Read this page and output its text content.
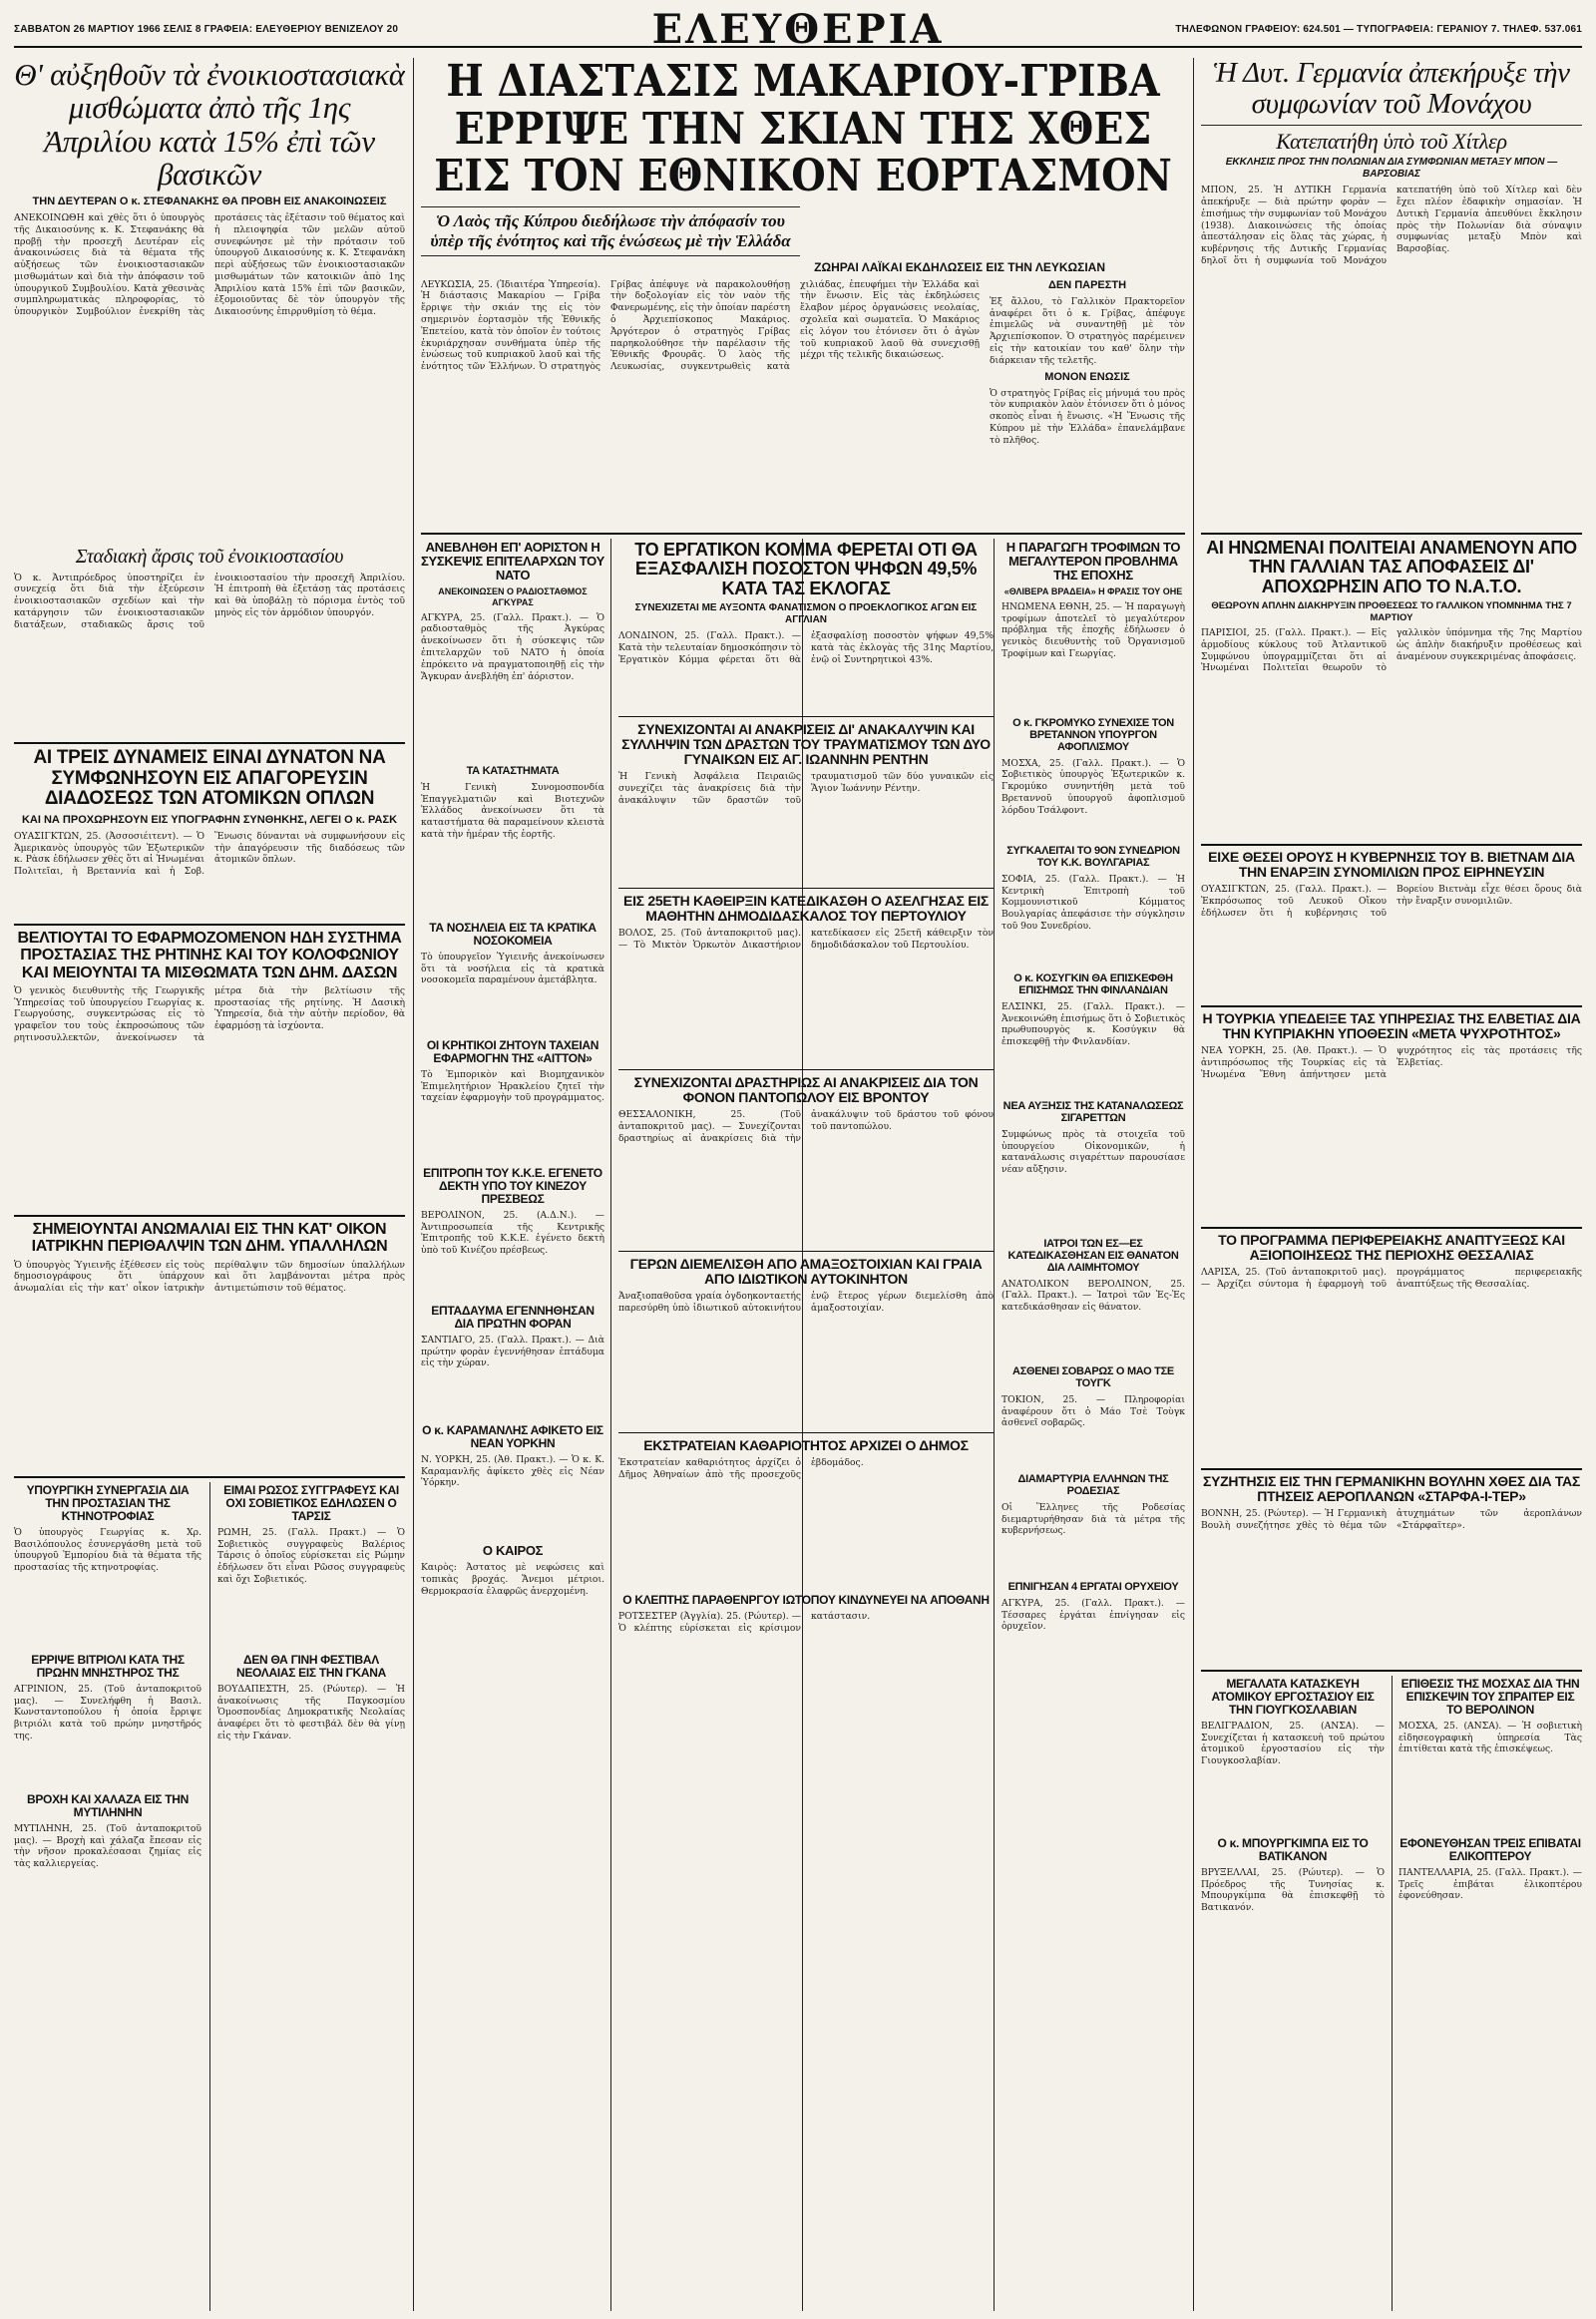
ΣΑΒΒΑΤΟΝ 26 ΜΑΡΤΙΟΥ 1966 ΣΕΛΙΣ 8 ΓΡΑΦΕΙΑ: ΕΛΕΥΘΕΡΙΟΥ ΒΕΝΙΖΕΛΟΥ 20	ΕΛΕΥΘΕΡΙΑ	ΤΗΛΕΦΩΝΟΝ ΓΡΑΦΕΙΟΥ: 624.501 — ΤΥΠΟΓΡΑΦΕΙΑ: ΓΕΡΑΝΙΟΥ 7. ΤΗΛΕΦ. 537.061
Θ' αὐξηθοῦν τὰ ἐνοικιοστασιακὰ μισθώματα ἀπὸ τῆς 1ης Ἀπριλίου κατὰ 15% ἐπὶ τῶν βασικῶν
ΤΗΝ ΔΕΥΤΕΡΑΝ Ο κ. ΣΤΕΦΑΝΑΚΗΣ ΘΑ ΠΡΟΒΗ ΕΙΣ ΑΝΑΚΟΙΝΩΣΕΙΣ
ΑΝΕΚΟΙΝΩΘΗ καὶ χθὲς ὅτι ὁ ὑπουργὸς τῆς Δικαιοσύνης κ. Κ. Στεφανάκης θὰ προβῇ τὴν προσεχῆ Δευτέραν εἰς ἀνακοινώσεις διὰ τὰ θέματα τῆς αὐξήσεως τῶν ἐνοικιοστασιακῶν μισθωμάτων καὶ διὰ τὴν ἀπόφασιν τοῦ ὑπουργικοῦ Συμβουλίου. Κατὰ χθεσινὰς συμπληρωματικὰς πληροφορίας, τὸ ὑπουργικὸν Συμβούλιον ἐνεκρίθη τὰς προτάσεις τὰς ἐξέτασιν τοῦ θέματος καὶ ἡ πλειοψηφία τῶν μελῶν αὐτοῦ συνεφώνησε μὲ τὴν πρότασιν τοῦ ὑπουργοῦ Δικαιοσύνης κ. Κ. Στεφανάκη περὶ αὐξήσεως τῶν ἐνοικιοστασιακῶν μισθωμάτων τῶν κατοικιῶν ἀπὸ 1ης Ἀπριλίου κατὰ 15% ἐπὶ τῶν βασικῶν, ἐξομοιοῦντας δὲ τὸν ὑπουργὸν τῆς Δικαιοσύνης ἐπιρρυθμίση τὸ θέμα.
Σταδιακὴ ἄρσις τοῦ ἐνοικιοστασίου
Ὁ κ. Ἀντιπρόεδρος ὑποστηρίζει ἐν συνεχείᾳ ὅτι διὰ τὴν ἐξεύρεσιν ἐνοικιοστασιακῶν σχεδίων καὶ τὴν κατάργησιν τῶν ἐνοικιοστασιακῶν διατάξεων, σταδιακῶς ἄρσις τοῦ ἐνοικιοστασίου τὴν προσεχῆ Ἀπριλίου. Ἡ ἐπιτροπὴ θὰ ἐξετάσῃ τὰς προτάσεις καὶ θὰ ὑποβάλῃ τὸ πόρισμα ἐντὸς τοῦ μηνὸς εἰς τὸν ἁρμόδιον ὑπουργόν.
ΑΙ ΤΡΕΙΣ ΔΥΝΑΜΕΙΣ ΕΙΝΑΙ ΔΥΝΑΤΟΝ ΝΑ ΣΥΜΦΩΝΗΣΟΥΝ ΕΙΣ ΑΠΑΓΟΡΕΥΣΙΝ ΔΙΑΔΟΣΕΩΣ ΤΩΝ ΑΤΟΜΙΚΩΝ ΟΠΛΩΝ
ΚΑΙ ΝΑ ΠΡΟΧΩΡΗΣΟΥΝ ΕΙΣ ΥΠΟΓΡΑΦΗΝ ΣΥΝΘΗΚΗΣ, ΛΕΓΕΙ Ο κ. ΡΑΣΚ
ΟΥΑΣΙΓΚΤΩΝ, 25. (Ἀσσοσιέιτεντ). — Ὁ Ἀμερικανὸς ὑπουργὸς τῶν Ἐξωτερικῶν κ. Ρὰσκ ἐδήλωσεν χθὲς ὅτι αἱ Ἡνωμέναι Πολιτεῖαι, ἡ Βρεταννία καὶ ἡ Σοβ. Ἕνωσις δύνανται νὰ συμφωνήσουν εἰς τὴν ἀπαγόρευσιν τῆς διαδόσεως τῶν ἀτομικῶν ὅπλων.
ΒΕΛΤΙΟΥΤΑΙ ΤΟ ΕΦΑΡΜΟΖΟΜΕΝΟΝ ΗΔΗ ΣΥΣΤΗΜΑ ΠΡΟΣΤΑΣΙΑΣ ΤΗΣ ΡΗΤΙΝΗΣ ΚΑΙ ΤΟΥ ΚΟΛΟΦΩΝΙΟΥ ΚΑΙ ΜΕΙΟΥΝΤΑΙ ΤΑ ΜΙΣΘΩΜΑΤΑ ΤΩΝ ΔΗΜ. ΔΑΣΩΝ
Ὁ γενικὸς διευθυντὴς τῆς Γεωργικῆς Ὑπηρεσίας τοῦ ὑπουργείου Γεωργίας κ. Γεωργούσης, συγκεντρώσας εἰς τὸ γραφεῖον του τοὺς ἐκπροσώπους τῶν ρητινοσυλλεκτῶν, ἀνεκοίνωσεν τὰ μέτρα διὰ τὴν βελτίωσιν τῆς προστασίας τῆς ρητίνης. Ἡ Δασικὴ Ὑπηρεσία, διὰ τὴν αὐτὴν περίοδον, θὰ ἐφαρμόσῃ τὰ ἰσχύοντα.
ΣΗΜΕΙΟΥΝΤΑΙ ΑΝΩΜΑΛΙΑΙ ΕΙΣ ΤΗΝ ΚΑΤ' ΟΙΚΟΝ ΙΑΤΡΙΚΗΝ ΠΕΡΙΘΑΛΨΙΝ ΤΩΝ ΔΗΜ. ΥΠΑΛΛΗΛΩΝ
Ὁ ὑπουργὸς Ὑγιεινῆς ἐξέθεσεν εἰς τοὺς δημοσιογράφους ὅτι ὑπάρχουν ἀνωμαλίαι εἰς τὴν κατ' οἶκον ἰατρικὴν περίθαλψιν τῶν δημοσίων ὑπαλλήλων καὶ ὅτι λαμβάνονται μέτρα πρὸς ἀντιμετώπισιν τοῦ θέματος.
ΥΠΟΥΡΓΙΚΗ ΣΥΝΕΡΓΑΣΙΑ ΔΙΑ ΤΗΝ ΠΡΟΣΤΑΣΙΑΝ ΤΗΣ ΚΤΗΝΟΤΡΟΦΙΑΣ
Ὁ ὑπουργὸς Γεωργίας κ. Χρ. Βασιλόπουλος ἐσυνεργάσθη μετὰ τοῦ ὑπουργοῦ Ἐμπορίου διὰ τὰ θέματα τῆς προστασίας τῆς κτηνοτροφίας.
ΕΡΡΙΨΕ ΒΙΤΡΙΟΛΙ ΚΑΤΑ ΤΗΣ ΠΡΩΗΝ ΜΝΗΣΤΗΡΟΣ ΤΗΣ
ΑΓΡΙΝΙΟΝ, 25. (Τοῦ ἀνταποκριτοῦ μας). — Συνελήφθη ἡ Βασιλ. Κωνσταντοπούλου ἡ ὁποία ἔρριψε βιτριόλι κατὰ τοῦ πρώην μνηστῆρός της.
ΒΡΟΧΗ ΚΑΙ ΧΑΛΑΖΑ ΕΙΣ ΤΗΝ ΜΥΤΙΛΗΝΗΝ
ΜΥΤΙΛΗΝΗ, 25. (Τοῦ ἀνταποκριτοῦ μας). — Βροχὴ καὶ χάλαζα ἔπεσαν εἰς τὴν νῆσον προκαλέσασαι ζημίας εἰς τὰς καλλιεργείας.
ΕΙΜΑΙ ΡΩΣΟΣ ΣΥΓΓΡΑΦΕΥΣ ΚΑΙ ΟΧΙ ΣΟΒΙΕΤΙΚΟΣ ΕΔΗΛΩΣΕΝ Ο ΤΑΡΣΙΣ
ΡΩΜΗ, 25. (Γαλλ. Πρακτ.) — Ὁ Σοβιετικὸς συγγραφεὺς Βαλέριος Τάρσις ὁ ὁποῖος εὑρίσκεται εἰς Ρώμην ἐδήλωσεν ὅτι εἶναι Ρῶσος συγγραφεὺς καὶ ὄχι Σοβιετικός.
ΔΕΝ ΘΑ ΓΙΝΗ ΦΕΣΤΙΒΑΛ ΝΕΟΛΑΙΑΣ ΕΙΣ ΤΗΝ ΓΚΑΝΑ
ΒΟΥΔΑΠΕΣΤΗ, 25. (Ρώυτερ). — Ἡ ἀνακοίνωσις τῆς Παγκοσμίου Ὁμοσπονδίας Δημοκρατικῆς Νεολαίας ἀναφέρει ὅτι τὸ φεστιβάλ δὲν θὰ γίνῃ εἰς τὴν Γκάναν.
Η ΔΙΑΣΤΑΣΙΣ ΜΑΚΑΡΙΟΥ-ΓΡΙΒΑ
ΕΡΡΙΨΕ ΤΗΝ ΣΚΙΑΝ ΤΗΣ ΧΘΕΣ
ΕΙΣ ΤΟΝ ΕΘΝΙΚΟΝ ΕΟΡΤΑΣΜΟΝ
Ὁ Λαὸς τῆς Κύπρου διεδήλωσε τὴν ἀπόφασίν του ὑπὲρ τῆς ἑνότητος καὶ τῆς ἑνώσεως μὲ τὴν Ἑλλάδα
ΖΩΗΡΑΙ ΛΑΪΚΑΙ ΕΚΔΗΛΩΣΕΙΣ ΕΙΣ ΤΗΝ ΛΕΥΚΩΣΙΑΝ
ΛΕΥΚΩΣΙΑ, 25. (Ἰδιαιτέρα Ὑπηρεσία). Ἡ διάστασις Μακαρίου — Γρίβα ἔρριψε τὴν σκιάν της εἰς τὸν σημερινὸν ἑορτασμὸν τῆς Ἐθνικῆς Ἐπετείου, κατὰ τὸν ὁποῖον ἐν τούτοις ἐκυριάρχησαν συνθήματα ὑπὲρ τῆς ἑνώσεως τοῦ κυπριακοῦ λαοῦ καὶ τῆς ἑνότητος τῶν Ἑλλήνων. Ὁ στρατηγὸς Γρίβας ἀπέφυγε νὰ παρακολουθήσῃ τὴν δοξολογίαν εἰς τὸν ναὸν τῆς Φανερωμένης, εἰς τὴν ὁποίαν παρέστη ὁ Ἀρχιεπίσκοπος Μακάριος. Ἀργότερον ὁ στρατηγὸς Γρίβας παρηκολούθησε τὴν παρέλασιν τῆς Ἐθνικῆς Φρουρᾶς. Ὁ λαὸς τῆς Λευκωσίας, συγκεντρωθεὶς κατὰ χιλιάδας, ἐπευφήμει τὴν Ἑλλάδα καὶ τὴν ἕνωσιν. Εἰς τὰς ἐκδηλώσεις ἔλαβον μέρος ὀργανώσεις νεολαίας, σχολεῖα καὶ σωματεῖα. Ὁ Μακάριος εἰς λόγον του ἐτόνισεν ὅτι ὁ ἀγὼν τοῦ κυπριακοῦ λαοῦ θὰ συνεχισθῇ μέχρι τῆς τελικῆς δικαιώσεως.
ΔΕΝ ΠΑΡΕΣΤΗ
Ἐξ ἄλλου, τὸ Γαλλικὸν Πρακτορεῖον ἀναφέρει ὅτι ὁ κ. Γρίβας, ἀπέφυγε ἐπιμελῶς νὰ συναντηθῇ μὲ τὸν Ἀρχιεπίσκοπον. Ὁ στρατηγὸς παρέμεινεν εἰς τὴν κατοικίαν του καθ' ὅλην τὴν διάρκειαν τῆς τελετῆς.
ΜΟΝΟΝ ΕΝΩΣΙΣ
Ὁ στρατηγὸς Γρίβας εἰς μήνυμά του πρὸς τὸν κυπριακὸν λαὸν ἐτόνισεν ὅτι ὁ μόνος σκοπὸς εἶναι ἡ ἕνωσις. «Ἡ Ἕνωσις τῆς Κύπρου μὲ τὴν Ἑλλάδα» ἐπανελάμβανε τὸ πλῆθος.
ΑΝΕΒΛΗΘΗ ΕΠ' ΑΟΡΙΣΤΟΝ Η ΣΥΣΚΕΨΙΣ ΕΠΙΤΕΛΑΡΧΩΝ ΤΟΥ ΝΑΤΟ
ΑΝΕΚΟΙΝΩΣΕΝ Ο ΡΑΔΙΟΣΤΑΘΜΟΣ ΑΓΚΥΡΑΣ
ΑΓΚΥΡΑ, 25. (Γαλλ. Πρακτ.). — Ὁ ραδιοσταθμὸς τῆς Ἀγκύρας ἀνεκοίνωσεν ὅτι ἡ σύσκεψις τῶν ἐπιτελαρχῶν τοῦ ΝΑΤΟ ἡ ὁποία ἐπρόκειτο νὰ πραγματοποιηθῇ εἰς τὴν Ἄγκυραν ἀνεβλήθη ἐπ' ἀόριστον.
ΤΑ ΚΑΤΑΣΤΗΜΑΤΑ
Ἡ Γενικὴ Συνομοσπονδία Ἐπαγγελματιῶν καὶ Βιοτεχνῶν Ἑλλάδος ἀνεκοίνωσεν ὅτι τὰ καταστήματα θὰ παραμείνουν κλειστὰ κατὰ τὴν ἡμέραν τῆς ἑορτῆς.
ΤΑ ΝΟΣΗΛΕΙΑ ΕΙΣ ΤΑ ΚΡΑΤΙΚΑ ΝΟΣΟΚΟΜΕΙΑ
Τὸ ὑπουργεῖον Ὑγιεινῆς ἀνεκοίνωσεν ὅτι τὰ νοσήλεια εἰς τὰ κρατικὰ νοσοκομεῖα παραμένουν ἀμετάβλητα.
ΟΙ ΚΡΗΤΙΚΟΙ ΖΗΤΟΥΝ ΤΑΧΕΙΑΝ ΕΦΑΡΜΟΓΗΝ ΤΗΣ «ΑΙΤΤΟΝ»
Τὸ Ἐμπορικὸν καὶ Βιομηχανικὸν Ἐπιμελητήριον Ἡρακλείου ζητεῖ τὴν ταχείαν ἐφαρμογὴν τοῦ προγράμματος.
ΕΠΙΤΡΟΠΗ ΤΟΥ Κ.Κ.Ε. ΕΓΕΝΕΤΟ ΔΕΚΤΗ ΥΠΟ ΤΟΥ ΚΙΝΕΖΟΥ ΠΡΕΣΒΕΩΣ
ΒΕΡΟΛΙΝΟΝ, 25. (Α.Δ.Ν.). — Ἀντιπροσωπεία τῆς Κεντρικῆς Ἐπιτροπῆς τοῦ Κ.Κ.Ε. ἐγένετο δεκτὴ ὑπὸ τοῦ Κινέζου πρέσβεως.
ΕΠΤΑΔΑΥΜΑ ΕΓΕΝΝΗΘΗΣΑΝ ΔΙΑ ΠΡΩΤΗΝ ΦΟΡΑΝ
ΣΑΝΤΙΑΓΟ, 25. (Γαλλ. Πρακτ.). — Διὰ πρώτην φορὰν ἐγεννήθησαν ἑπτάδυμα εἰς τὴν χώραν.
Ο κ. ΚΑΡΑΜΑΝΛΗΣ ΑΦΙΚΕΤΟ ΕΙΣ ΝΕΑΝ ΥΟΡΚΗΝ
Ν. ΥΟΡΚΗ, 25. (Ἀθ. Πρακτ.). — Ὁ κ. Κ. Καραμανλῆς ἀφίκετο χθὲς εἰς Νέαν Ὑόρκην.
Ο ΚΑΙΡΟΣ
Καιρὸς: Ἀστατος μὲ νεφώσεις καὶ τοπικὰς βροχάς. Ἄνεμοι μέτριοι. Θερμοκρασία ἐλαφρῶς ἀνερχομένη.
ΤΟ ΕΡΓΑΤΙΚΟΝ ΚΟΜΜΑ ΦΕΡΕΤΑΙ ΟΤΙ ΘΑ ΕΞΑΣΦΑΛΙΣΗ ΠΟΣΟΣΤΟΝ ΨΗΦΩΝ 49,5% ΚΑΤΑ ΤΑΣ ΕΚΛΟΓΑΣ
ΣΥΝΕΧΙΖΕΤΑΙ ΜΕ ΑΥΞΟΝΤΑ ΦΑΝΑΤΙΣΜΟΝ Ο ΠΡΟΕΚΛΟΓΙΚΟΣ ΑΓΩΝ ΕΙΣ ΑΓΓΛΙΑΝ
ΛΟΝΔΙΝΟΝ, 25. (Γαλλ. Πρακτ.). — Κατὰ τὴν τελευταίαν δημοσκόπησιν τὸ Ἐργατικὸν Κόμμα φέρεται ὅτι θὰ ἐξασφαλίσῃ ποσοστὸν ψήφων 49,5% κατὰ τὰς ἐκλογὰς τῆς 31ης Μαρτίου, ἐνῷ οἱ Συντηρητικοὶ 43%.
ΣΥΝΕΧΙΖΟΝΤΑΙ ΑΙ ΑΝΑΚΡΙΣΕΙΣ ΔΙ' ΑΝΑΚΑΛΥΨΙΝ ΚΑΙ ΣΥΛΛΗΨΙΝ ΤΩΝ ΔΡΑΣΤΩΝ ΤΟΥ ΤΡΑΥΜΑΤΙΣΜΟΥ ΤΩΝ ΔΥΟ ΓΥΝΑΙΚΩΝ ΕΙΣ ΑΓ. ΙΩΑΝΝΗΝ ΡΕΝΤΗΝ
Ἡ Γενικὴ Ἀσφάλεια Πειραιῶς συνεχίζει τὰς ἀνακρίσεις διὰ τὴν ἀνακάλυψιν τῶν δραστῶν τοῦ τραυματισμοῦ τῶν δύο γυναικῶν εἰς Ἅγιον Ἰωάννην Ρέντην.
ΕΙΣ 25ΕΤΗ ΚΑΘΕΙΡΞΙΝ ΚΑΤΕΔΙΚΑΣΘΗ Ο ΑΣΕΛΓΗΣΑΣ ΕΙΣ ΜΑΘΗΤΗΝ ΔΗΜΟΔΙΔΑΣΚΑΛΟΣ ΤΟΥ ΠΕΡΤΟΥΛΙΟΥ
ΒΟΛΟΣ, 25. (Τοῦ ἀνταποκριτοῦ μας). — Τὸ Μικτὸν Ὁρκωτὸν Δικαστήριον κατεδίκασεν εἰς 25ετῆ κάθειρξιν τὸν δημοδιδάσκαλον τοῦ Περτουλίου.
ΣΥΝΕΧΙΖΟΝΤΑΙ ΔΡΑΣΤΗΡΙΩΣ ΑΙ ΑΝΑΚΡΙΣΕΙΣ ΔΙΑ ΤΟΝ ΦΟΝΟΝ ΠΑΝΤΟΠΩΛΟΥ ΕΙΣ ΒΡΟΝΤΟΥ
ΘΕΣΣΑΛΟΝΙΚΗ, 25. (Τοῦ ἀνταποκριτοῦ μας). — Συνεχίζονται δραστηρίως αἱ ἀνακρίσεις διὰ τὴν ἀνακάλυψιν τοῦ δράστου τοῦ φόνου τοῦ παντοπώλου.
ΓΕΡΩΝ ΔΙΕΜΕΛΙΣΘΗ ΑΠΟ ΑΜΑΞΟΣΤΟΙΧΙΑΝ ΚΑΙ ΓΡΑΙΑ ΑΠΟ ΙΔΙΩΤΙΚΟΝ ΑΥΤΟΚΙΝΗΤΟΝ
Ἀναξιοπαθοῦσα γραία ὀγδοηκονταετής παρεσύρθη ὑπὸ ἰδιωτικοῦ αὐτοκινήτου ἐνῷ ἕτερος γέρων διεμελίσθη ἀπὸ ἁμαξοστοιχίαν.
ΕΚΣΤΡΑΤΕΙΑΝ ΚΑΘΑΡΙΟΤΗΤΟΣ ΑΡΧΙΖΕΙ Ο ΔΗΜΟΣ
Ἐκστρατείαν καθαριότητος ἀρχίζει ὁ Δῆμος Ἀθηναίων ἀπὸ τῆς προσεχοῦς ἑβδομάδος.
Ο ΚΛΕΠΤΗΣ ΠΑΡΑΘΕΝΡΓΟΥ ΙΩΤΟΠΟΥ ΚΙΝΔΥΝΕΥΕΙ ΝΑ ΑΠΟΘΑΝΗ
ΡΟΤΣΕΣΤΕΡ (Ἀγγλία). 25. (Ρώυτερ). — Ὁ κλέπτης εὑρίσκεται εἰς κρίσιμον κατάστασιν.
Η ΠΑΡΑΓΩΓΗ ΤΡΟΦΙΜΩΝ ΤΟ ΜΕΓΑΛΥΤΕΡΟΝ ΠΡΟΒΛΗΜΑ ΤΗΣ ΕΠΟΧΗΣ
«ΘΛΙΒΕΡΑ ΒΡΑΔΕΙΑ» Η ΦΡΑΣΙΣ ΤΟΥ ΟΗΕ
ΗΝΩΜΕΝΑ ΕΘΝΗ, 25. — Ἡ παραγωγὴ τροφίμων ἀποτελεῖ τὸ μεγαλύτερον πρόβλημα τῆς ἐποχῆς ἐδήλωσεν ὁ γενικὸς διευθυντὴς τοῦ Ὀργανισμοῦ Τροφίμων καὶ Γεωργίας.
Ο κ. ΓΚΡΟΜΥΚΟ ΣΥΝΕΧΙΣΕ ΤΟΝ ΒΡΕΤΑΝΝΟΝ ΥΠΟΥΡΓΟΝ ΑΦΟΠΛΙΣΜΟΥ
ΜΟΣΧΑ, 25. (Γαλλ. Πρακτ.). — Ὁ Σοβιετικὸς ὑπουργὸς Ἐξωτερικῶν κ. Γκρομύκο συνηντήθη μετὰ τοῦ Βρεταννοῦ ὑπουργοῦ ἀφοπλισμοῦ λόρδου Τσάλφοντ.
ΣΥΓΚΑΛΕΙΤΑΙ ΤΟ 9ΟΝ ΣΥΝΕΔΡΙΟΝ ΤΟΥ Κ.Κ. ΒΟΥΛΓΑΡΙΑΣ
ΣΟΦΙΑ, 25. (Γαλλ. Πρακτ.). — Ἡ Κεντρικὴ Ἐπιτροπὴ τοῦ Κομμουνιστικοῦ Κόμματος Βουλγαρίας ἀπεφάσισε τὴν σύγκλησιν τοῦ 9ου Συνεδρίου.
Ο κ. ΚΟΣΥΓΚΙΝ ΘΑ ΕΠΙΣΚΕΦΘΗ ΕΠΙΣΗΜΩΣ ΤΗΝ ΦΙΝΛΑΝΔΙΑΝ
ΕΛΣΙΝΚΙ, 25. (Γαλλ. Πρακτ.). — Ἀνεκοινώθη ἐπισήμως ὅτι ὁ Σοβιετικὸς πρωθυπουργὸς κ. Κοσύγκιν θὰ ἐπισκεφθῇ τὴν Φινλανδίαν.
ΝΕΑ ΑΥΞΗΣΙΣ ΤΗΣ ΚΑΤΑΝΑΛΩΣΕΩΣ ΣΙΓΑΡΕΤΤΩΝ
Συμφώνως πρὸς τὰ στοιχεῖα τοῦ ὑπουργείου Οἰκονομικῶν, ἡ κατανάλωσις σιγαρέττων παρουσίασε νέαν αὔξησιν.
ΙΑΤΡΟΙ ΤΩΝ ΕΣ—ΕΣ ΚΑΤΕΔΙΚΑΣΘΗΣΑΝ ΕΙΣ ΘΑΝΑΤΟΝ ΔΙΑ ΛΑΙΜΗΤΟΜΟΥ
ΑΝΑΤΟΛΙΚΟΝ ΒΕΡΟΛΙΝΟΝ, 25. (Γαλλ. Πρακτ.). — Ἰατροὶ τῶν Ἐς-Ἐς κατεδικάσθησαν εἰς θάνατον.
ΑΣΘΕΝΕΙ ΣΟΒΑΡΩΣ Ο ΜΑΟ ΤΣΕ ΤΟΥΓΚ
ΤΟΚΙΟΝ, 25. — Πληροφορίαι ἀναφέρουν ὅτι ὁ Μάο Τσὲ Τοὺγκ ἀσθενεῖ σοβαρῶς.
ΔΙΑΜΑΡΤΥΡΙΑ ΕΛΛΗΝΩΝ ΤΗΣ ΡΟΔΕΣΙΑΣ
Οἱ Ἕλληνες τῆς Ροδεσίας διεμαρτυρήθησαν διὰ τὰ μέτρα τῆς κυβερνήσεως.
ΕΠΝΙΓΗΣΑΝ 4 ΕΡΓΑΤΑΙ ΟΡΥΧΕΙΟΥ
ΑΓΚΥΡΑ, 25. (Γαλλ. Πρακτ.). — Τέσσαρες ἐργάται ἐπνίγησαν εἰς ὀρυχεῖον.
Ἡ Δυτ. Γερμανία ἀπεκήρυξε τὴν συμφωνίαν τοῦ Μονάχου
Κατεπατήθη ὑπὸ τοῦ Χίτλερ
ΕΚΚΛΗΣΙΣ ΠΡΟΣ ΤΗΝ ΠΟΛΩΝΙΑΝ ΔΙΑ ΣΥΜΦΩΝΙΑΝ ΜΕΤΑΞΥ ΜΠΟΝ — ΒΑΡΣΟΒΙΑΣ
ΜΠΟΝ, 25. Ἡ ΔΥΤΙΚΗ Γερμανία ἀπεκήρυξε — διὰ πρώτην φορὰν — ἐπισήμως τὴν συμφωνίαν τοῦ Μονάχου (1938). Διακοινώσεις τῆς ὁποίας ἀπεστάλησαν εἰς ὅλας τὰς χώρας, ἡ κυβέρνησις τῆς Δυτικῆς Γερμανίας δηλοῖ ὅτι ἡ συμφωνία τοῦ Μονάχου κατεπατήθη ὑπὸ τοῦ Χίτλερ καὶ δὲν ἔχει πλέον ἐδαφικὴν σημασίαν. Ἡ Δυτικὴ Γερμανία ἀπευθύνει ἔκκλησιν πρὸς τὴν Πολωνίαν διὰ σύναψιν συμφωνίας μεταξὺ Μπὸν καὶ Βαρσοβίας.
ΑΙ ΗΝΩΜΕΝΑΙ ΠΟΛΙΤΕΙΑΙ ΑΝΑΜΕΝΟΥΝ ΑΠΟ ΤΗΝ ΓΑΛΛΙΑΝ ΤΑΣ ΑΠΟΦΑΣΕΙΣ ΔΙ' ΑΠΟΧΩΡΗΣΙΝ ΑΠΟ ΤΟ Ν.Α.Τ.Ο.
ΘΕΩΡΟΥΝ ΑΠΛΗΝ ΔΙΑΚΗΡΥΞΙΝ ΠΡΟΘΕΣΕΩΣ ΤΟ ΓΑΛΛΙΚΟΝ ΥΠΟΜΝΗΜΑ ΤΗΣ 7 ΜΑΡΤΙΟΥ
ΠΑΡΙΣΙΟΙ, 25. (Γαλλ. Πρακτ.). — Εἰς ἁρμοδίους κύκλους τοῦ Ἀτλαντικοῦ Συμφώνου ὑπογραμμίζεται ὅτι αἱ Ἡνωμέναι Πολιτεῖαι θεωροῦν τὸ γαλλικὸν ὑπόμνημα τῆς 7ης Μαρτίου ὡς ἁπλὴν διακήρυξιν προθέσεως καὶ ἀναμένουν συγκεκριμένας ἀποφάσεις.
ΕΙΧΕ ΘΕΣΕΙ ΟΡΟΥΣ Η ΚΥΒΕΡΝΗΣΙΣ ΤΟΥ Β. ΒΙΕΤΝΑΜ ΔΙΑ ΤΗΝ ΕΝΑΡΞΙΝ ΣΥΝΟΜΙΛΙΩΝ ΠΡΟΣ ΕΙΡΗΝΕΥΣΙΝ
ΟΥΑΣΙΓΚΤΩΝ, 25. (Γαλλ. Πρακτ.). — Ἐκπρόσωπος τοῦ Λευκοῦ Οἴκου ἐδήλωσεν ὅτι ἡ κυβέρνησις τοῦ Βορείου Βιετνὰμ εἶχε θέσει ὅρους διὰ τὴν ἔναρξιν συνομιλιῶν.
Η ΤΟΥΡΚΙΑ ΥΠΕΔΕΙΞΕ ΤΑΣ ΥΠΗΡΕΣΙΑΣ ΤΗΣ ΕΛΒΕΤΙΑΣ ΔΙΑ ΤΗΝ ΚΥΠΡΙΑΚΗΝ ΥΠΟΘΕΣΙΝ «ΜΕΤΑ ΨΥΧΡΟΤΗΤΟΣ»
ΝΕΑ ΥΟΡΚΗ, 25. (Ἀθ. Πρακτ.). — Ὁ ἀντιπρόσωπος τῆς Τουρκίας εἰς τὰ Ἡνωμένα Ἔθνη ἀπήντησεν μετὰ ψυχρότητος εἰς τὰς προτάσεις τῆς Ἑλβετίας.
ΤΟ ΠΡΟΓΡΑΜΜΑ ΠΕΡΙΦΕΡΕΙΑΚΗΣ ΑΝΑΠΤΥΞΕΩΣ ΚΑΙ ΑΞΙΟΠΟΙΗΣΕΩΣ ΤΗΣ ΠΕΡΙΟΧΗΣ ΘΕΣΣΑΛΙΑΣ
ΛΑΡΙΣΑ, 25. (Τοῦ ἀνταποκριτοῦ μας). — Ἀρχίζει σύντομα ἡ ἐφαρμογὴ τοῦ προγράμματος περιφερειακῆς ἀναπτύξεως τῆς Θεσσαλίας.
ΣΥΖΗΤΗΣΙΣ ΕΙΣ ΤΗΝ ΓΕΡΜΑΝΙΚΗΝ ΒΟΥΛΗΝ ΧΘΕΣ ΔΙΑ ΤΑΣ ΠΤΗΣΕΙΣ ΑΕΡΟΠΛΑΝΩΝ «ΣΤΑΡΦΑ-Ι-ΤΕΡ»
ΒΟΝΝΗ, 25. (Ρώυτερ). — Ἡ Γερμανικὴ Βουλὴ συνεζήτησε χθὲς τὸ θέμα τῶν ἀτυχημάτων τῶν ἀεροπλάνων «Στάρφαϊτερ».
ΜΕΓΑΛΑΤΑ ΚΑΤΑΣΚΕΥΗ ΑΤΟΜΙΚΟΥ ΕΡΓΟΣΤΑΣΙΟΥ ΕΙΣ ΤΗΝ ΓΙΟΥΓΚΟΣΛΑΒΙΑΝ
ΒΕΛΙΓΡΑΔΙΟΝ, 25. (ΑΝΣΑ). — Συνεχίζεται ἡ κατασκευὴ τοῦ πρώτου ἀτομικοῦ ἐργοστασίου εἰς τὴν Γιουγκοσλαβίαν.
Ο κ. ΜΠΟΥΡΓΚΙΜΠΑ ΕΙΣ ΤΟ ΒΑΤΙΚΑΝΟΝ
ΒΡΥΞΕΛΛΑΙ, 25. (Ρώυτερ). — Ὁ Πρόεδρος τῆς Τυνησίας κ. Μπουργκίμπα θὰ ἐπισκεφθῇ τὸ Βατικανόν.
ΕΠΙΘΕΣΙΣ ΤΗΣ ΜΟΣΧΑΣ ΔΙΑ ΤΗΝ ΕΠΙΣΚΕΨΙΝ ΤΟΥ ΣΠΡΑΙΤΕΡ ΕΙΣ ΤΟ ΒΕΡΟΛΙΝΟΝ
ΜΟΣΧΑ, 25. (ΑΝΣΑ). — Ἡ σοβιετικὴ εἰδησεογραφικὴ ὑπηρεσία Τὰς ἐπιτίθεται κατὰ τῆς ἐπισκέψεως.
ΕΦΟΝΕΥΘΗΣΑΝ ΤΡΕΙΣ ΕΠΙΒΑΤΑΙ ΕΛΙΚΟΠΤΕΡΟΥ
ΠΑΝΤΕΛΛΑΡΙΑ, 25. (Γαλλ. Πρακτ.). — Τρεῖς ἐπιβάται ἑλικοπτέρου ἐφονεύθησαν.
